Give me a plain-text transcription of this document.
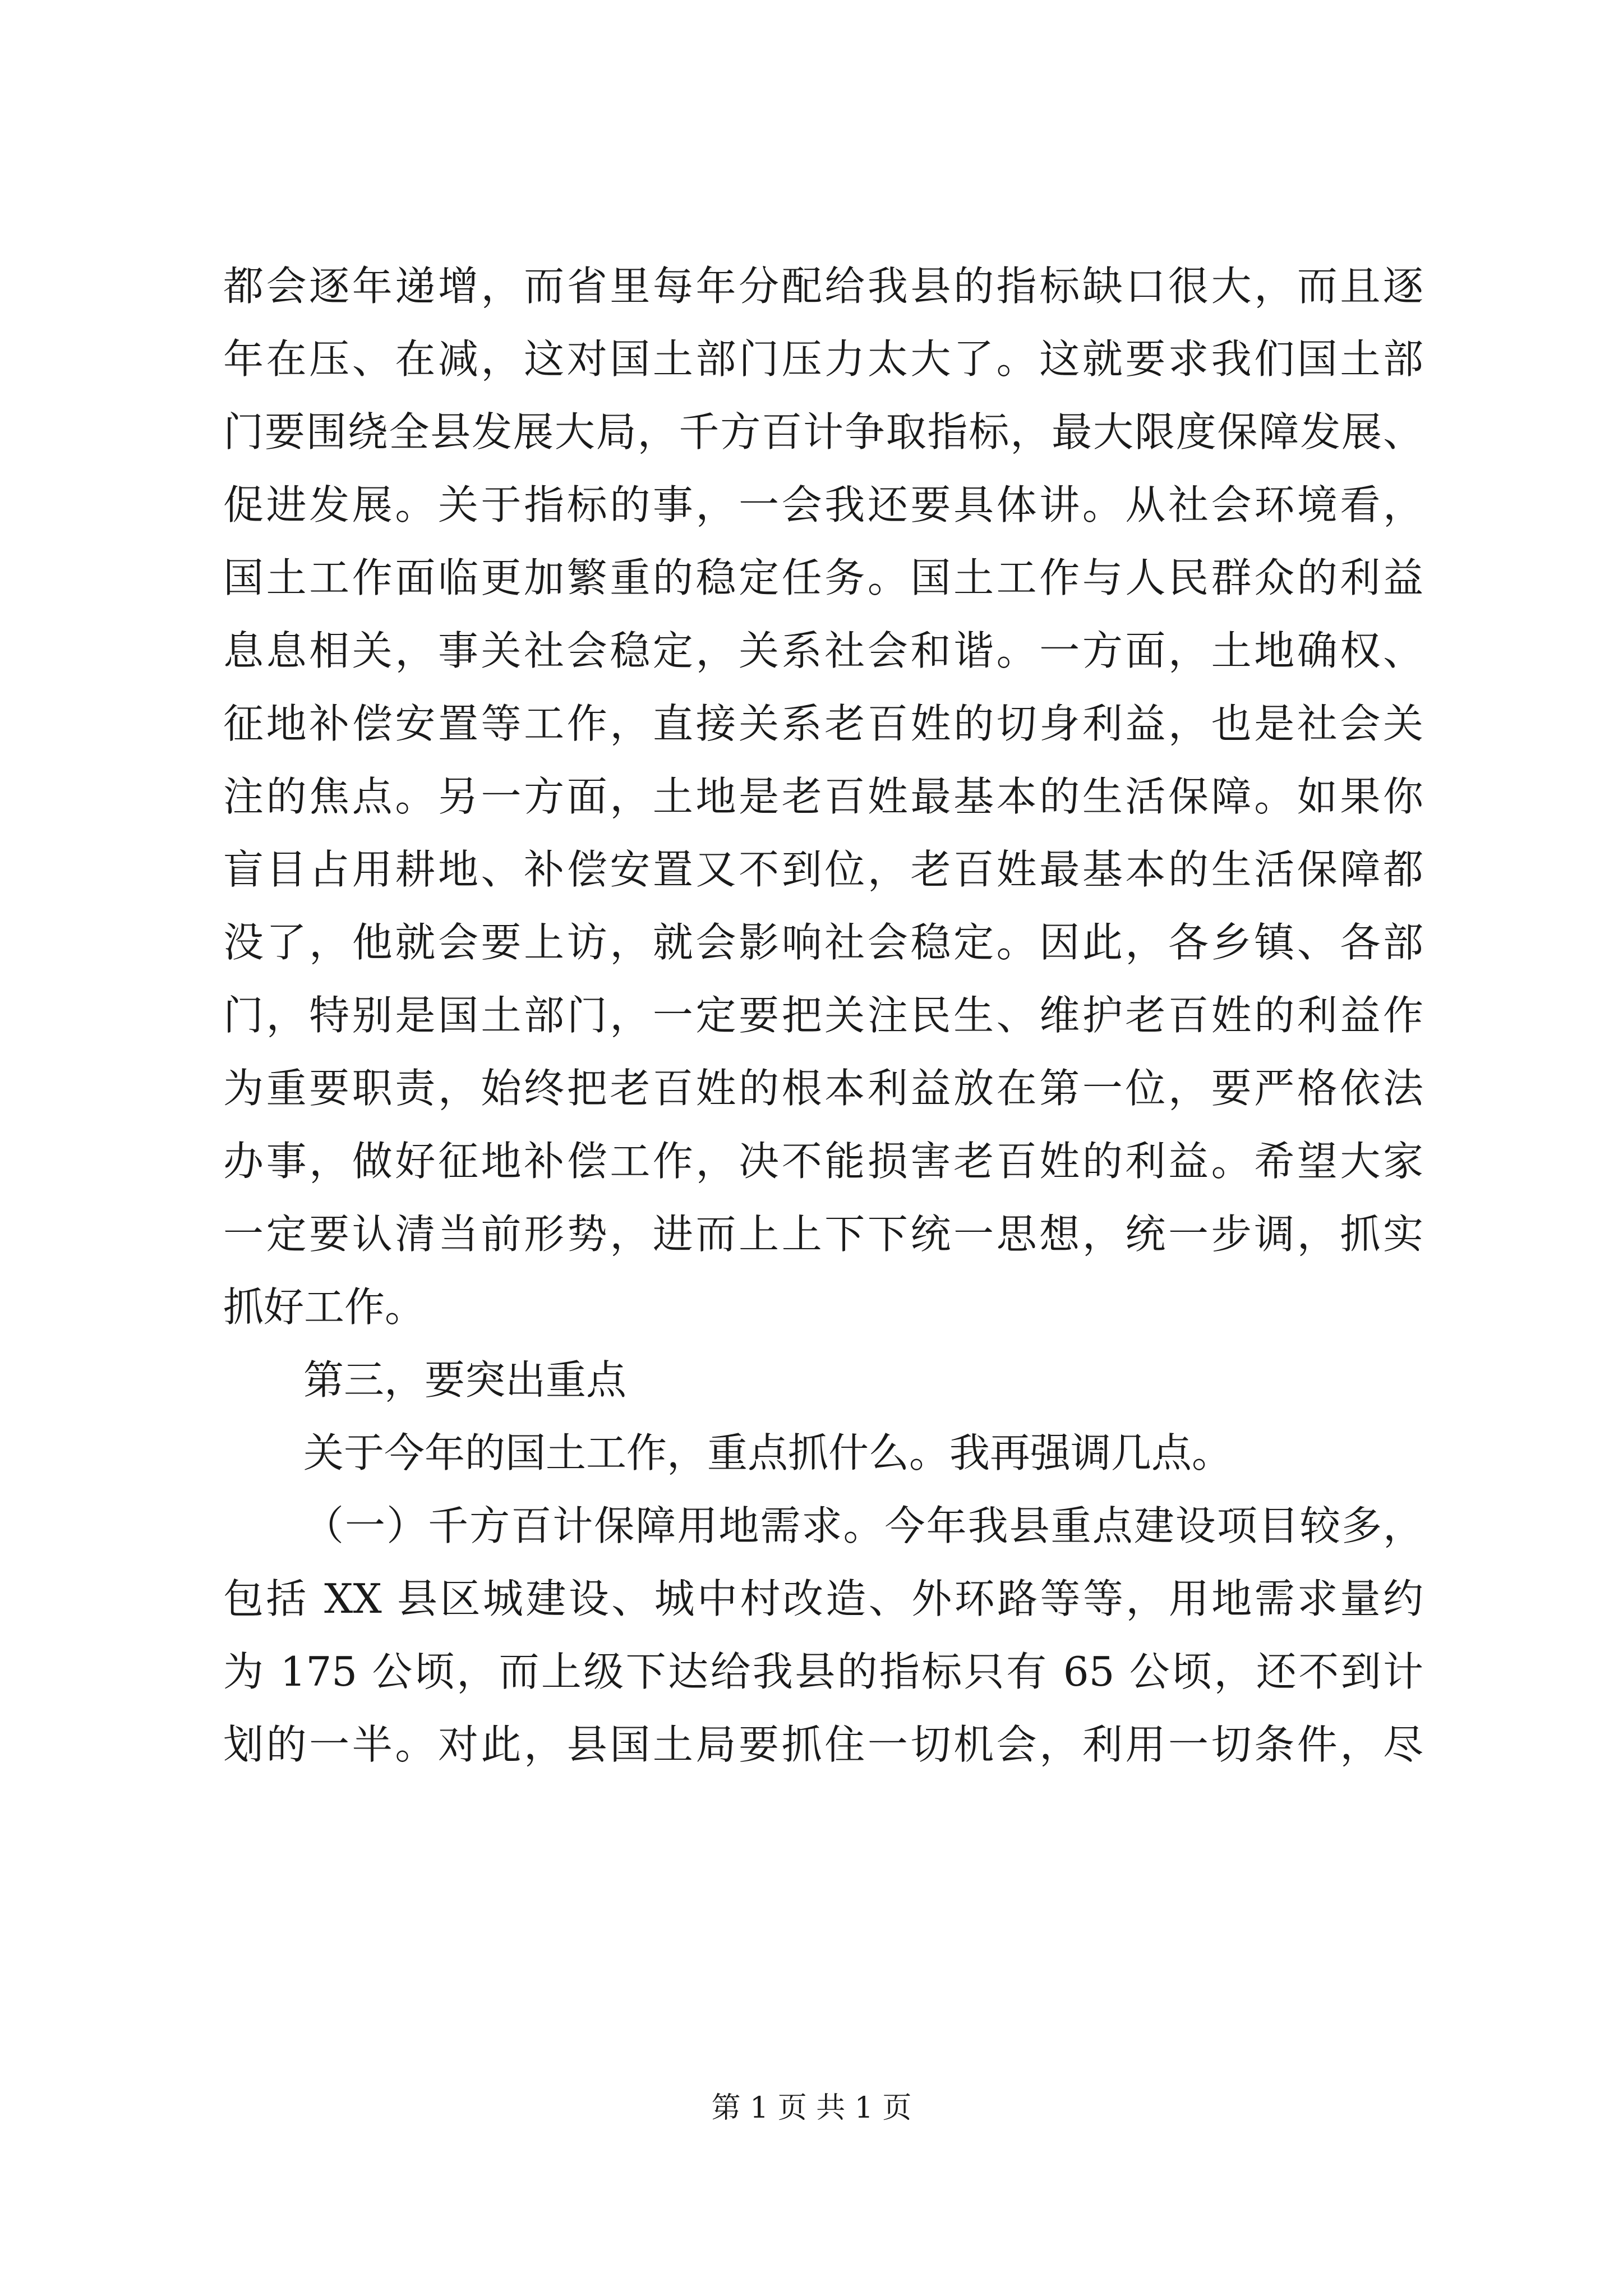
都会逐年递增，而省里每年分配给我县的指标缺口很大，而且逐
年在压、在减，这对国土部门压力太大了。这就要求我们国土部
门要围绕全县发展大局，千方百计争取指标，最大限度保障发展、
促进发展。关于指标的事，一会我还要具体讲。从社会环境看，
国土工作面临更加繁重的稳定任务。国土工作与人民群众的利益
息息相关，事关社会稳定，关系社会和谐。一方面，土地确权、
征地补偿安置等工作，直接关系老百姓的切身利益，也是社会关
注的焦点。另一方面，土地是老百姓最基本的生活保障。如果你
盲目占用耕地、补偿安置又不到位，老百姓最基本的生活保障都
没了，他就会要上访，就会影响社会稳定。因此，各乡镇、各部
门，特别是国土部门，一定要把关注民生、维护老百姓的利益作
为重要职责，始终把老百姓的根本利益放在第一位，要严格依法
办事，做好征地补偿工作，决不能损害老百姓的利益。希望大家
一定要认清当前形势，进而上上下下统一思想，统一步调，抓实
抓好工作。
第三，要突出重点
关于今年的国土工作，重点抓什么。我再强调几点。
（一）千方百计保障用地需求。今年我县重点建设项目较多，
包括 XX 县区城建设、城中村改造、外环路等等，用地需求量约
为 175 公顷，而上级下达给我县的指标只有 65 公顷，还不到计
划的一半。对此，县国土局要抓住一切机会，利用一切条件，尽
第 1 页 共 1 页
